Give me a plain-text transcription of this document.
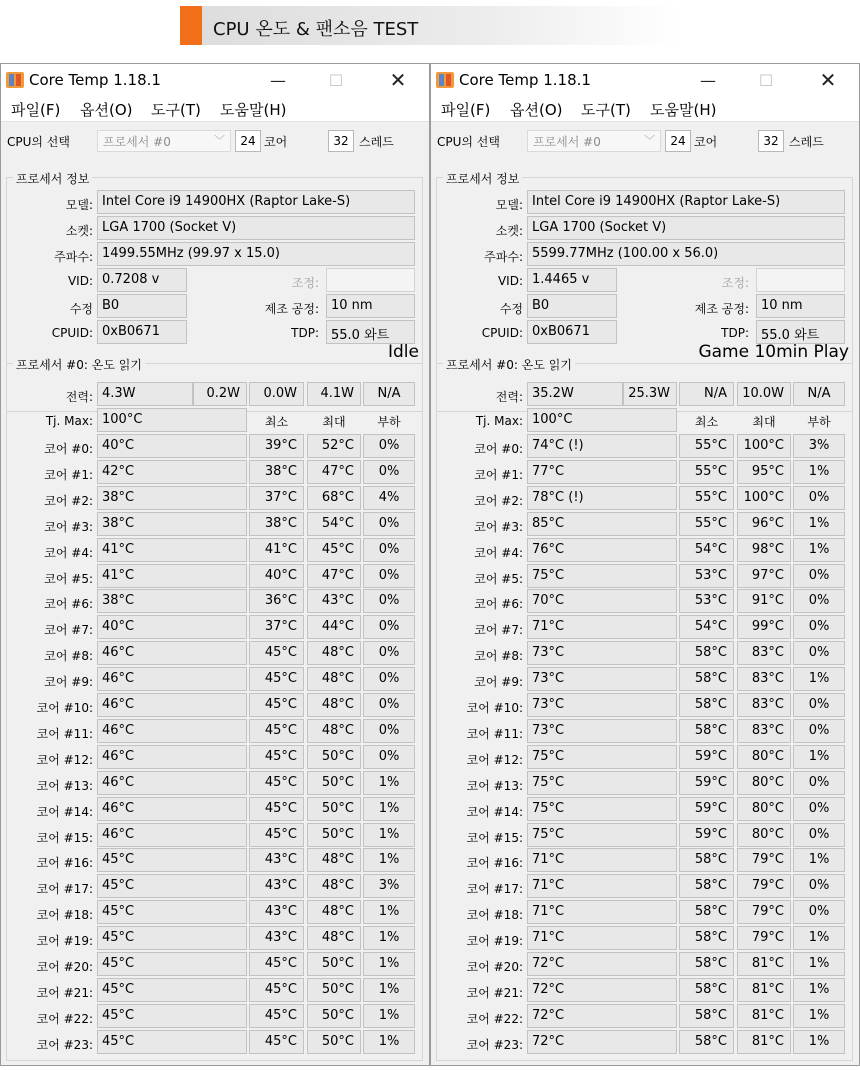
CPU 온도 & 팬소음 TEST
Core Temp 1.18.1	—	☐	✕
파일(F) 옵션(O) 도구(T) 도움말(H)
CPU의 선택	프로세서 #0	﹀	24 코어	32 스레드
프로세서 정보
모델: Intel Core i9 14900HX (Raptor Lake-S)
소켓: LGA 1700 (Socket V)
주파수: 1499.55MHz (99.97 x 15.0)
VID: 0.7208 v	조정:
수정 B0	제조 공정: 10 nm
CPUID: 0xB0671	TDP: 55.0 와트
Idle
프로세서 #0: 온도 읽기
전력: 4.3W	0.2W	0.0W	4.1W	N/A
Tj. Max: 100°C	최소	최대	부하
코어 #0: 40°C	39°C	52°C	0%
코어 #1: 42°C	38°C	47°C	0%
코어 #2: 38°C	37°C	68°C	4%
코어 #3: 38°C	38°C	54°C	0%
코어 #4: 41°C	41°C	45°C	0%
코어 #5: 41°C	40°C	47°C	0%
코어 #6: 38°C	36°C	43°C	0%
코어 #7: 40°C	37°C	44°C	0%
코어 #8: 46°C	45°C	48°C	0%
코어 #9: 46°C	45°C	48°C	0%
코어 #10: 46°C	45°C	48°C	0%
코어 #11: 46°C	45°C	48°C	0%
코어 #12: 46°C	45°C	50°C	0%
코어 #13: 46°C	45°C	50°C	1%
코어 #14: 46°C	45°C	50°C	1%
코어 #15: 46°C	45°C	50°C	1%
코어 #16: 45°C	43°C	48°C	1%
코어 #17: 45°C	43°C	48°C	3%
코어 #18: 45°C	43°C	48°C	1%
코어 #19: 45°C	43°C	48°C	1%
코어 #20: 45°C	45°C	50°C	1%
코어 #21: 45°C	45°C	50°C	1%
코어 #22: 45°C	45°C	50°C	1%
코어 #23: 45°C	45°C	50°C	1%
Core Temp 1.18.1	—	☐	✕
파일(F) 옵션(O) 도구(T) 도움말(H)
CPU의 선택	프로세서 #0	﹀	24 코어	32 스레드
프로세서 정보
모델: Intel Core i9 14900HX (Raptor Lake-S)
소켓: LGA 1700 (Socket V)
주파수: 5599.77MHz (100.00 x 56.0)
VID: 1.4465 v	조정:
수정 B0	제조 공정: 10 nm
CPUID: 0xB0671	TDP: 55.0 와트
Game 10min Play
프로세서 #0: 온도 읽기
전력: 35.2W	25.3W	N/A	10.0W	N/A
Tj. Max: 100°C	최소	최대	부하
코어 #0: 74°C (!)	55°C	100°C	3%
코어 #1: 77°C	55°C	95°C	1%
코어 #2: 78°C (!)	55°C	100°C	0%
코어 #3: 85°C	55°C	96°C	1%
코어 #4: 76°C	54°C	98°C	1%
코어 #5: 75°C	53°C	97°C	0%
코어 #6: 70°C	53°C	91°C	0%
코어 #7: 71°C	54°C	99°C	0%
코어 #8: 73°C	58°C	83°C	0%
코어 #9: 73°C	58°C	83°C	1%
코어 #10: 73°C	58°C	83°C	0%
코어 #11: 73°C	58°C	83°C	0%
코어 #12: 75°C	59°C	80°C	1%
코어 #13: 75°C	59°C	80°C	0%
코어 #14: 75°C	59°C	80°C	0%
코어 #15: 75°C	59°C	80°C	0%
코어 #16: 71°C	58°C	79°C	1%
코어 #17: 71°C	58°C	79°C	0%
코어 #18: 71°C	58°C	79°C	0%
코어 #19: 71°C	58°C	79°C	1%
코어 #20: 72°C	58°C	81°C	1%
코어 #21: 72°C	58°C	81°C	1%
코어 #22: 72°C	58°C	81°C	1%
코어 #23: 72°C	58°C	81°C	1%
